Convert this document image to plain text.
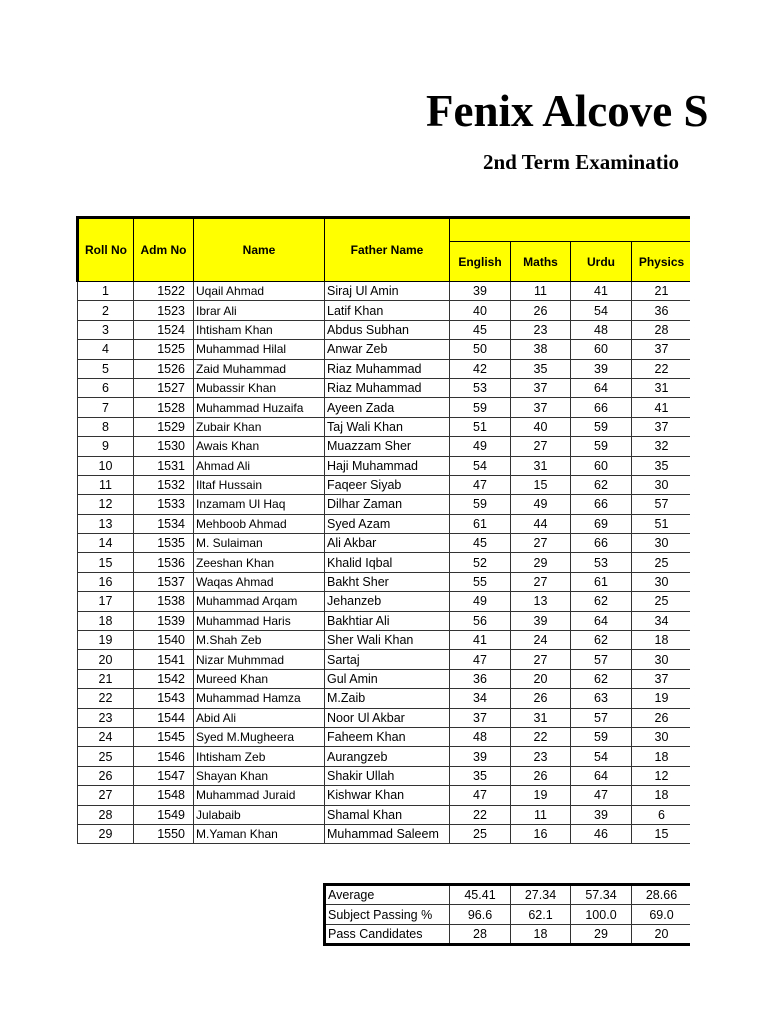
Fenix Alcove S
2nd Term Examinatio
Roll No	Adm No	Name	Father Name				
				English	Maths	Urdu	Physics
1	1522	Uqail Ahmad	Siraj Ul Amin	39	11	41	21
2	1523	Ibrar Ali	Latif Khan	40	26	54	36
3	1524	Ihtisham Khan	Abdus Subhan	45	23	48	28
4	1525	Muhammad Hilal	Anwar Zeb	50	38	60	37
5	1526	Zaid Muhammad	Riaz Muhammad	42	35	39	22
6	1527	Mubassir Khan	Riaz Muhammad	53	37	64	31
7	1528	Muhammad Huzaifa	Ayeen Zada	59	37	66	41
8	1529	Zubair Khan	Taj Wali Khan	51	40	59	37
9	1530	Awais Khan	Muazzam Sher	49	27	59	32
10	1531	Ahmad Ali	Haji Muhammad	54	31	60	35
11	1532	Iltaf Hussain	Faqeer Siyab	47	15	62	30
12	1533	Inzamam Ul Haq	Dilhar Zaman	59	49	66	57
13	1534	Mehboob Ahmad	Syed Azam	61	44	69	51
14	1535	M. Sulaiman	Ali Akbar	45	27	66	30
15	1536	Zeeshan Khan	Khalid Iqbal	52	29	53	25
16	1537	Waqas Ahmad	Bakht Sher	55	27	61	30
17	1538	Muhammad Arqam	Jehanzeb	49	13	62	25
18	1539	Muhammad Haris	Bakhtiar Ali	56	39	64	34
19	1540	M.Shah Zeb	Sher Wali Khan	41	24	62	18
20	1541	Nizar Muhmmad	Sartaj	47	27	57	30
21	1542	Mureed Khan	Gul Amin	36	20	62	37
22	1543	Muhammad Hamza	M.Zaib	34	26	63	19
23	1544	Abid Ali	Noor Ul Akbar	37	31	57	26
24	1545	Syed M.Mugheera	Faheem Khan	48	22	59	30
25	1546	Ihtisham Zeb	Aurangzeb	39	23	54	18
26	1547	Shayan Khan	Shakir Ullah	35	26	64	12
27	1548	Muhammad Juraid	Kishwar Khan	47	19	47	18
28	1549	Julabaib	Shamal Khan	22	11	39	6
29	1550	M.Yaman Khan	Muhammad Saleem	25	16	46	15
Average	45.41	27.34	57.34	28.66
Subject Passing %	96.6	62.1	100.0	69.0
Pass Candidates	28	18	29	20
